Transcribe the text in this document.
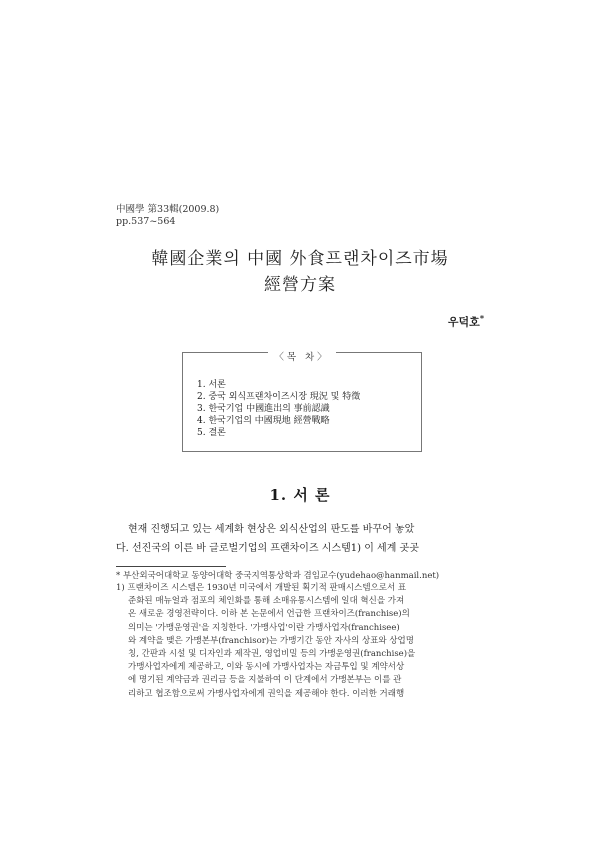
中國學 第33輯(2009.8)
pp.537~564
韓國企業의 中國 外食프랜차이즈市場
經營方案
우덕호*
〈목 차〉
1. 서론
2. 중국 외식프랜차이즈시장 現況 및 特徵
3. 한국기업 中國進出의 事前認識
4. 한국기업의 中國現地 經營戰略
5. 결론
1. 서 론
현재 진행되고 있는 세계화 현상은 외식산업의 판도를 바꾸어 놓았
다. 선진국의 이른 바 글로벌기업의 프랜차이즈 시스템1) 이 세계 곳곳
* 부산외국어대학교 동양어대학 중국지역통상학과 겸임교수(yudehao@hanmail.net)
1) 프랜차이즈 시스템은 1930년 미국에서 개발된 획기적 판매시스템으로서 표
준화된 매뉴얼과 점포의 체인화를 통해 소매유통시스템에 일대 혁신을 가져
온 새로운 경영전략이다. 이하 본 논문에서 언급한 프랜차이즈(franchise)의
의미는 '가맹운영권'을 지칭한다. '가맹사업'이란 가맹사업자(franchisee)
와 계약을 맺은 가맹본부(franchisor)는 가맹기간 동안 자사의 상표와 상업명
칭, 간판과 시설 및 디자인과 제작권, 영업비밀 등의 가맹운영권(franchise)을
가맹사업자에게 제공하고, 이와 동시에 가맹사업자는 자금투입 및 계약서상
에 명기된 계약금과 권리금 등을 지불하여 이 단계에서 가맹본부는 이를 관
리하고 협조함으로써 가맹사업자에게 권익을 제공해야 한다. 이러한 거래행
